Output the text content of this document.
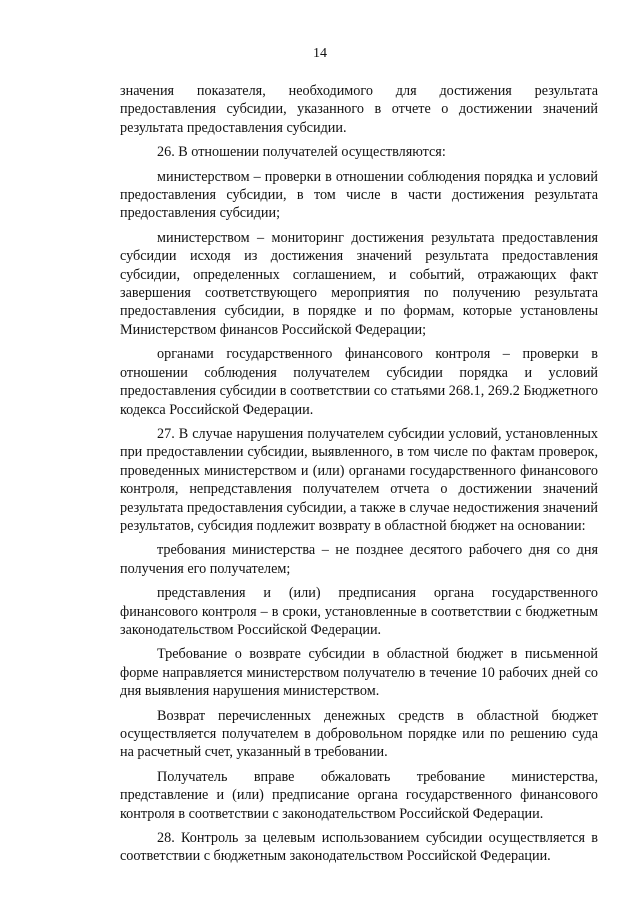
14

значения показателя, необходимого для достижения результата предоставления субсидии, указанного в отчете о достижении значений результата предоставления субсидии.

26. В отношении получателей осуществляются:

министерством – проверки в отношении соблюдения порядка и условий предоставления субсидии, в том числе в части достижения результата предоставления субсидии;

министерством – мониторинг достижения результата предоставления субсидии исходя из достижения значений результата предоставления субсидии, определенных соглашением, и событий, отражающих факт завершения соответствующего мероприятия по получению результата предоставления субсидии, в порядке и по формам, которые установлены Министерством финансов Российской Федерации;

органами государственного финансового контроля – проверки в отношении соблюдения получателем субсидии порядка и условий предоставления субсидии в соответствии со статьями 268.1, 269.2 Бюджетного кодекса Российской Федерации.

27. В случае нарушения получателем субсидии условий, установленных при предоставлении субсидии, выявленного, в том числе по фактам проверок, проведенных министерством и (или) органами государственного финансового контроля, непредставления получателем отчета о достижении значений результата предоставления субсидии, а также в случае недостижения значений результатов, субсидия подлежит возврату в областной бюджет на основании:

требования министерства – не позднее десятого рабочего дня со дня получения его получателем;

представления и (или) предписания органа государственного финансового контроля – в сроки, установленные в соответствии с бюджетным законодательством Российской Федерации.

Требование о возврате субсидии в областной бюджет в письменной форме направляется министерством получателю в течение 10 рабочих дней со дня выявления нарушения министерством.

Возврат перечисленных денежных средств в областной бюджет осуществляется получателем в добровольном порядке или по решению суда на расчетный счет, указанный в требовании.

Получатель вправе обжаловать требование министерства, представление и (или) предписание органа государственного финансового контроля в соответствии с законодательством Российской Федерации.

28. Контроль за целевым использованием субсидии осуществляется в соответствии с бюджетным законодательством Российской Федерации.
